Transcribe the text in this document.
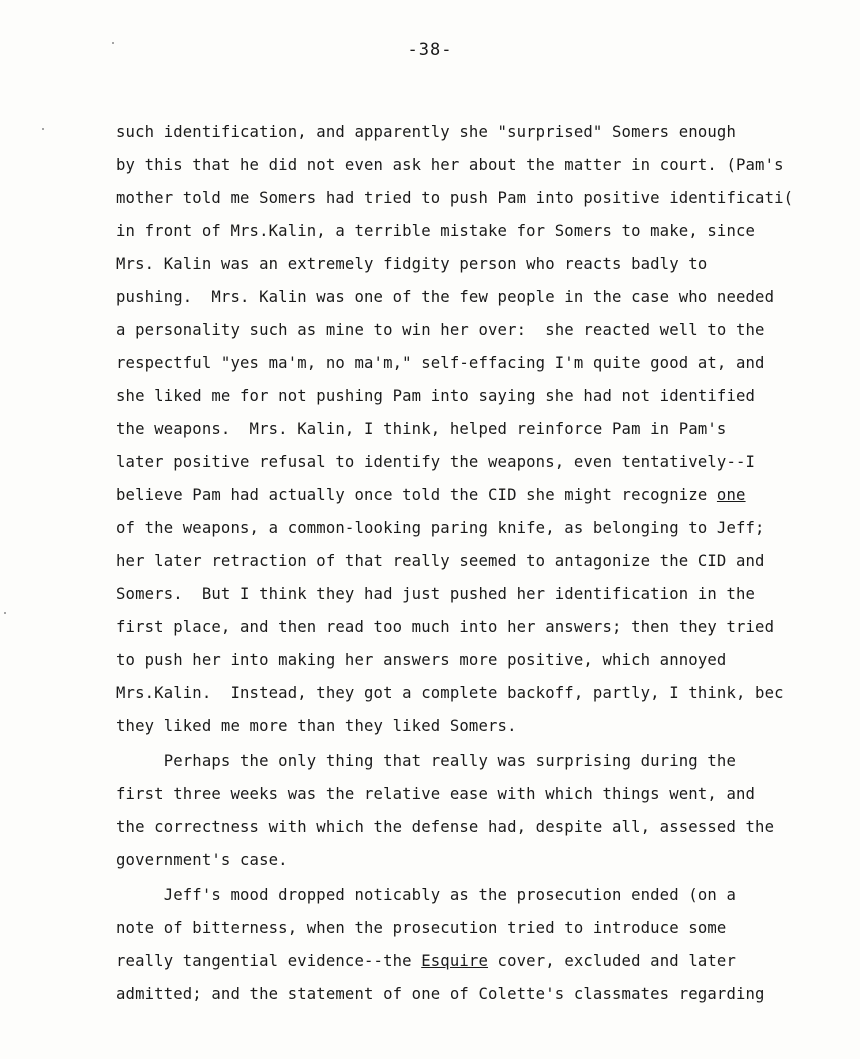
-38-
such identification, and apparently she "surprised" Somers enough
by this that he did not even ask her about the matter in court. (Pam's
mother told me Somers had tried to push Pam into positive identificati(
in front of Mrs.Kalin, a terrible mistake for Somers to make, since
Mrs. Kalin was an extremely fidgity person who reacts badly to
pushing.  Mrs. Kalin was one of the few people in the case who needed
a personality such as mine to win her over:  she reacted well to the
respectful "yes ma'm, no ma'm," self-effacing I'm quite good at, and
she liked me for not pushing Pam into saying she had not identified
the weapons.  Mrs. Kalin, I think, helped reinforce Pam in Pam's
later positive refusal to identify the weapons, even tentatively--I
believe Pam had actually once told the CID she might recognize one
of the weapons, a common-looking paring knife, as belonging to Jeff;
her later retraction of that really seemed to antagonize the CID and
Somers.  But I think they had just pushed her identification in the
first place, and then read too much into her answers; then they tried
to push her into making her answers more positive, which annoyed
Mrs.Kalin.  Instead, they got a complete backoff, partly, I think, bec
they liked me more than they liked Somers.
Perhaps the only thing that really was surprising during the
first three weeks was the relative ease with which things went, and
the correctness with which the defense had, despite all, assessed the
government's case.
Jeff's mood dropped noticably as the prosecution ended (on a
note of bitterness, when the prosecution tried to introduce some
really tangential evidence--the Esquire cover, excluded and later
admitted; and the statement of one of Colette's classmates regarding
